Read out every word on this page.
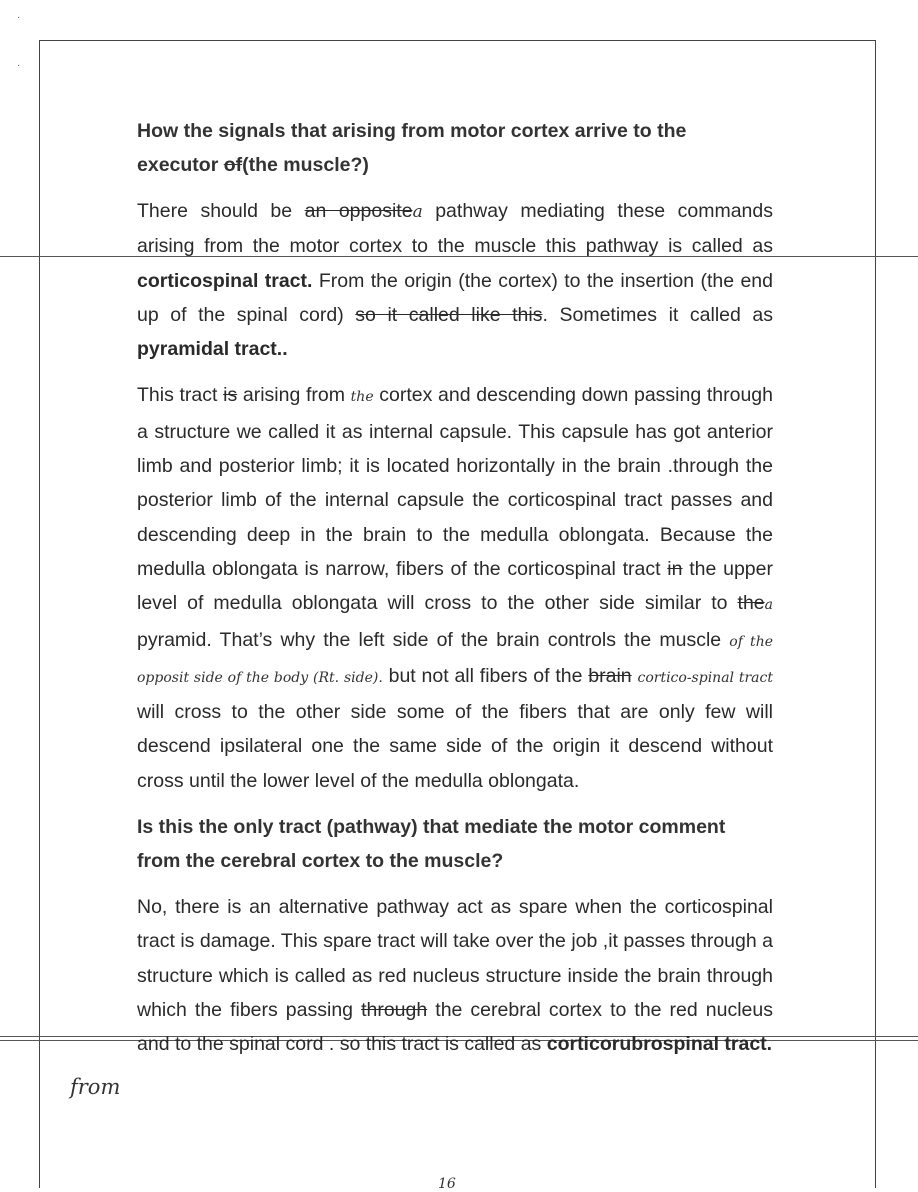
·
·

How the signals that arising from motor cortex arrive to the executor of(the muscle?)

There should be an oppositea pathway mediating these commands arising from the motor cortex to the muscle this pathway is called as corticospinal tract. From the origin (the cortex) to the insertion (the end up of the spinal cord) so it called like this. Sometimes it called as pyramidal tract..

This tract is arising from the cortex and descending down passing through a structure we called it as internal capsule. This capsule has got anterior limb and posterior limb; it is located horizontally in the brain .through the posterior limb of the internal capsule the corticospinal tract passes and descending deep in the brain to the medulla oblongata. Because the medulla oblongata is narrow, fibers of the corticospinal tract in the upper level of medulla oblongata will cross to the other side similar to thea pyramid. That’s why the left side of the brain controls the muscle of the opposit side of the body (Rt. side). but not all fibers of the brain cortico-spinal tract will cross to the other side some of the fibers that are only few will descend ipsilateral one the same side of the origin it descend without cross until the lower level of the medulla oblongata.

Is this the only tract (pathway) that mediate the motor comment from the cerebral cortex to the muscle?

No, there is an alternative pathway act as spare when the corticospinal tract is damage. This spare tract will take over the job ,it passes through a structure which is called as red nucleus structure inside the brain through which the fibers passing through the cerebral cortex to the red nucleus and to the spinal cord . so this tract is called as corticorubrospinal tract.

from
16
